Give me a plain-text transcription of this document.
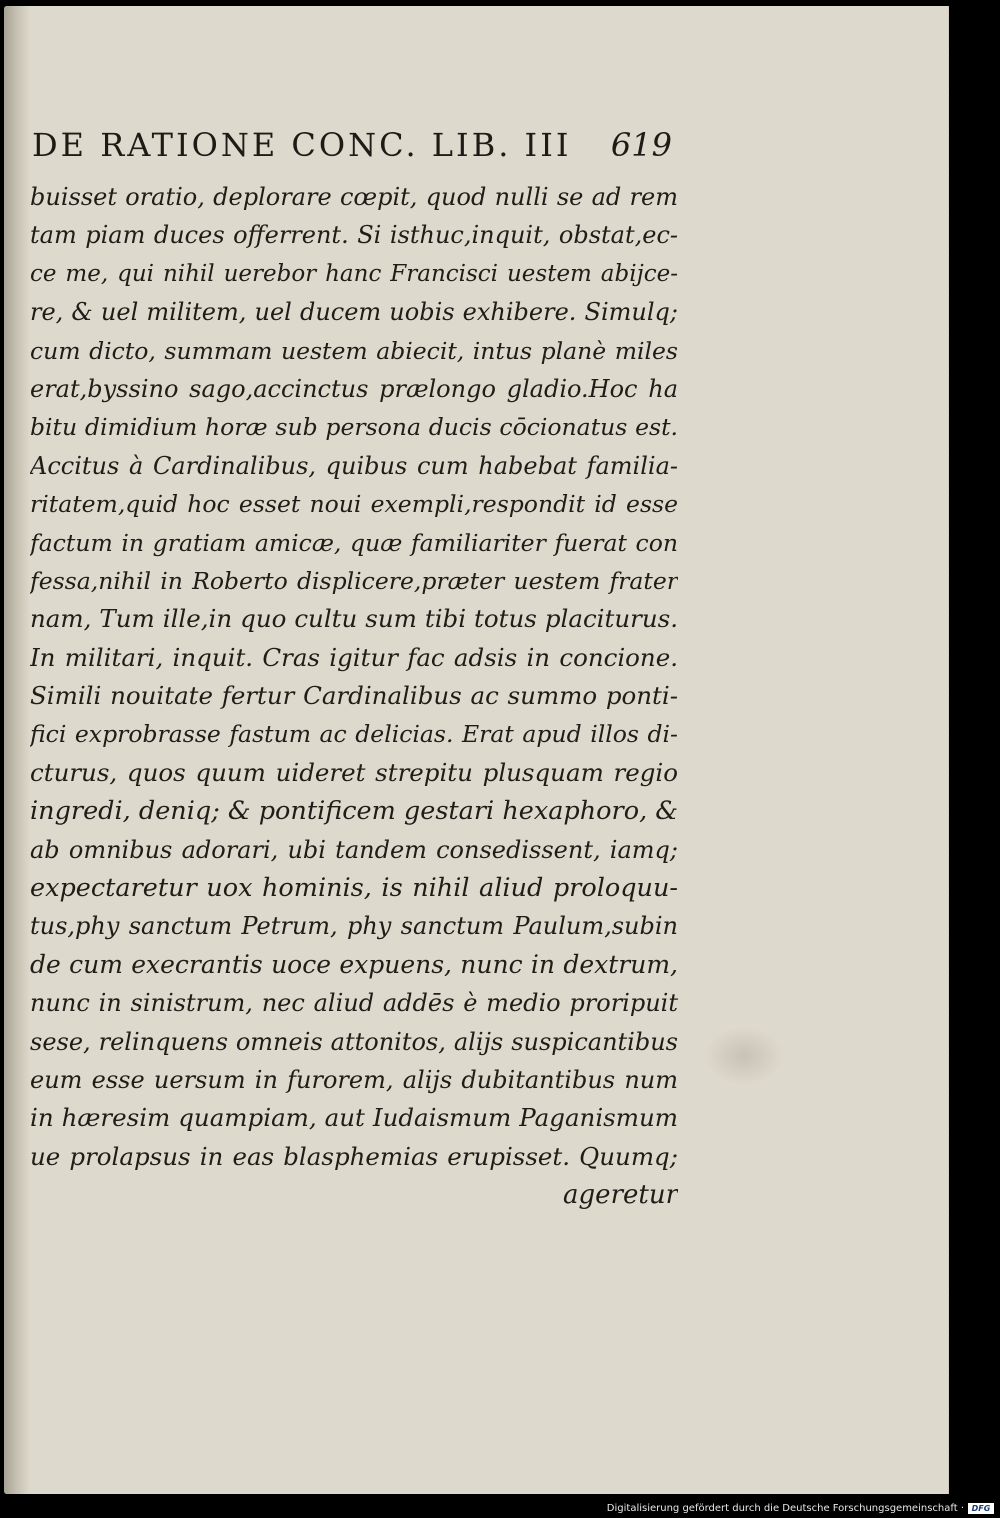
DE RATIONE CONC. LIB. III 619
buisset oratio, deplorare cœpit, quod nulli se ad rem
tam piam duces offerrent. Si isthuc,inquit, obstat,ec-
ce me, qui nihil uerebor hanc Francisci uestem abijce-
re, & uel militem, uel ducem uobis exhibere. Simulq;
cum dicto, summam uestem abiecit, intus planè miles
erat,byssino sago,accinctus prælongo gladio.Hoc ha
bitu dimidium horæ sub persona ducis cōcionatus est.
Accitus à Cardinalibus, quibus cum habebat familia-
ritatem,quid hoc esset noui exempli,respondit id esse
factum in gratiam amicæ, quæ familiariter fuerat con
fessa,nihil in Roberto displicere,præter uestem frater
nam, Tum ille,in quo cultu sum tibi totus placiturus.
In militari, inquit. Cras igitur fac adsis in concione.
Simili nouitate fertur Cardinalibus ac summo ponti-
fici exprobrasse fastum ac delicias. Erat apud illos di-
cturus, quos quum uideret strepitu plusquam regio
ingredi, deniq; & pontificem gestari hexaphoro, &
ab omnibus adorari, ubi tandem consedissent, iamq;
expectaretur uox hominis, is nihil aliud proloquu-
tus,phy sanctum Petrum, phy sanctum Paulum,subin
de cum execrantis uoce expuens, nunc in dextrum,
nunc in sinistrum, nec aliud addēs è medio proripuit
sese, relinquens omneis attonitos, alijs suspicantibus
eum esse uersum in furorem, alijs dubitantibus num
in hæresim quampiam, aut Iudaismum Paganismum
ue prolapsus in eas blasphemias erupisset. Quumq;
ageretur
Digitalisierung gefördert durch die Deutsche Forschungsgemeinschaft · DFG
